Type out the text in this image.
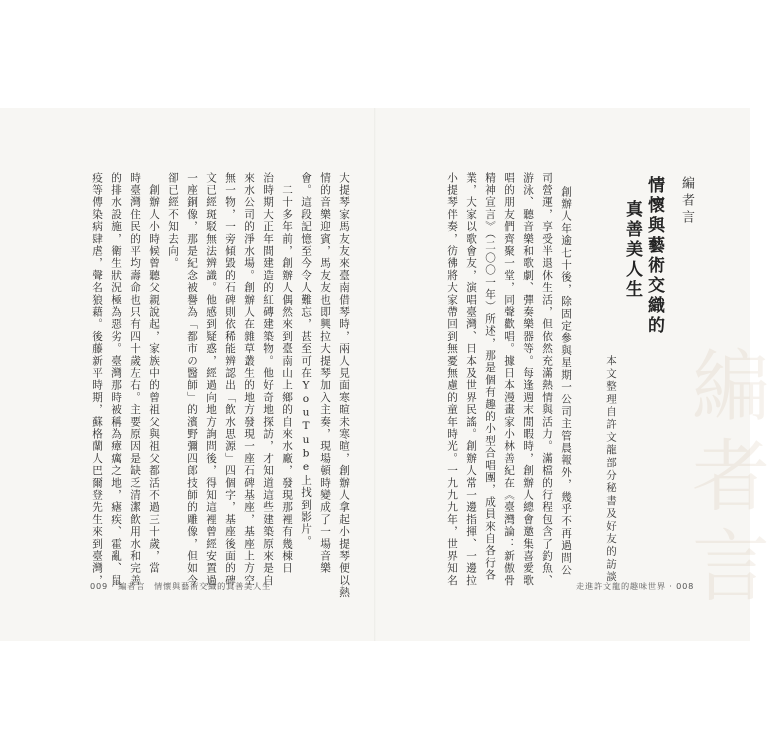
編者言
編者言
情懷與藝術交織的
真善美人生
本文整理自許文龍部分秘書及好友的訪談
創辦人年逾七十後，除固定參與星期一公司主管晨報外，幾乎不再過問公
司營運，享受半退休生活，但依然充滿熱情與活力。滿檔的行程包含了釣魚、
游泳、聽音樂和歌劇、彈奏樂器等。每逢週末閒暇時，創辦人總會邀集喜愛歌
唱的朋友們齊聚一堂，同聲歡唱。據日本漫畫家小林善紀在《臺灣論：新傲骨
精神宣言》（二〇〇一年）所述，那是個有趣的小型合唱團，成員來自各行各
業，大家以歌會友，演唱臺灣、日本及世界民謠。創辦人常一邊指揮、一邊拉
小提琴伴奏，彷彿將大家帶回到無憂無慮的童年時光。一九九九年，世界知名	走進許文龍的趣味世界 · 008
大提琴家馬友友來臺南借琴時，兩人見面寒暄未寒暄，創辦人拿起小提琴便以熱
情的音樂迎賓，馬友友也即興拉大提琴加入主奏，現場頓時變成了一場音樂
會。這段記憶至今令人難忘，甚至可在YouTube上找到影片。
　二十多年前，創辦人偶然來到臺南山上鄉的自來水廠，發現那裡有幾棟日
治時期大正年間建造的紅磚建築物。他好奇地探訪，才知道這些建築原來是自
來水公司的淨水場。創辦人在雜草叢生的地方發現一座石碑基座，基座上方空
無一物，一旁傾毀的石碑則依稀能辨認出「飲水思源」四個字，基座後面的碑
文已經斑駁無法辨識。他感到疑惑，經過向地方詢問後，得知這裡曾經安置過
一座銅像，那是紀念被譽為「都市の醫師」的濱野彌四郎技師的雕像，但如今
卻已經不知去向。
　創辦人小時候曾聽父親說起，家族中的曾祖父與祖父都活不過三十歲，當
時臺灣住民的平均壽命也只有四十歲左右。主要原因是缺乏清潔飲用水和完善
的排水設施，衛生狀況極為惡劣。臺灣那時被稱為瘴癘之地，瘧疾、霍亂、鼠
疫等傳染病肆虐，聲名狼藉。後藤新平時期，蘇格蘭人巴爾登先生來到臺灣，
009 · 編者言　情懷與藝術交織的真善美人生
